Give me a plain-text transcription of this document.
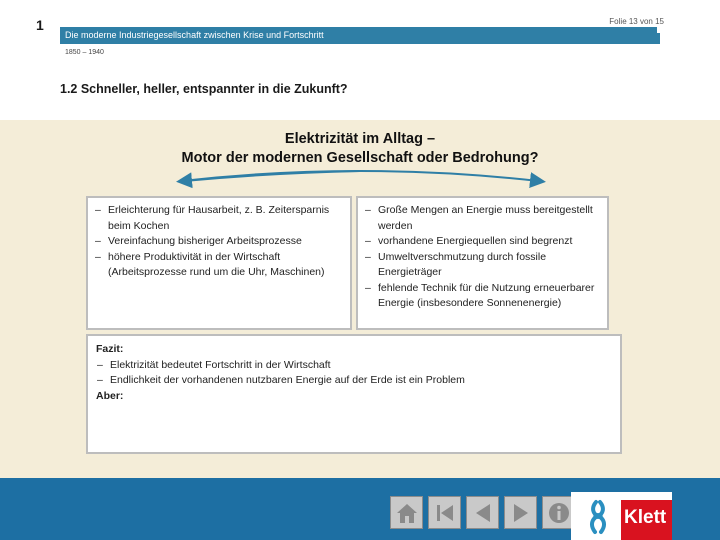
1	Folie 13 von 15
Die moderne Industriegesellschaft zwischen Krise und Fortschritt
1850 – 1940
1.2 Schneller, heller, entspannter in die Zukunft?
Elektrizität im Alltag –
Motor der modernen Gesellschaft oder Bedrohung?
– Erleichterung für Hausarbeit, z. B. Zeitersparnis beim Kochen
– Vereinfachung bisheriger Arbeitsprozesse
– höhere Produktivität in der Wirtschaft (Arbeitsprozesse rund um die Uhr, Maschinen)
– Große Mengen an Energie muss bereitgestellt werden
– vorhandene Energiequellen sind begrenzt
– Umweltverschmutzung durch fossile Energieträger
– fehlende Technik für die Nutzung erneuerbarer Energie (insbesondere Sonnenenergie)
Fazit:
– Elektrizität bedeutet Fortschritt in der Wirtschaft
– Endlichkeit der vorhandenen nutzbaren Energie auf der Erde ist ein Problem
Aber:
Klett
